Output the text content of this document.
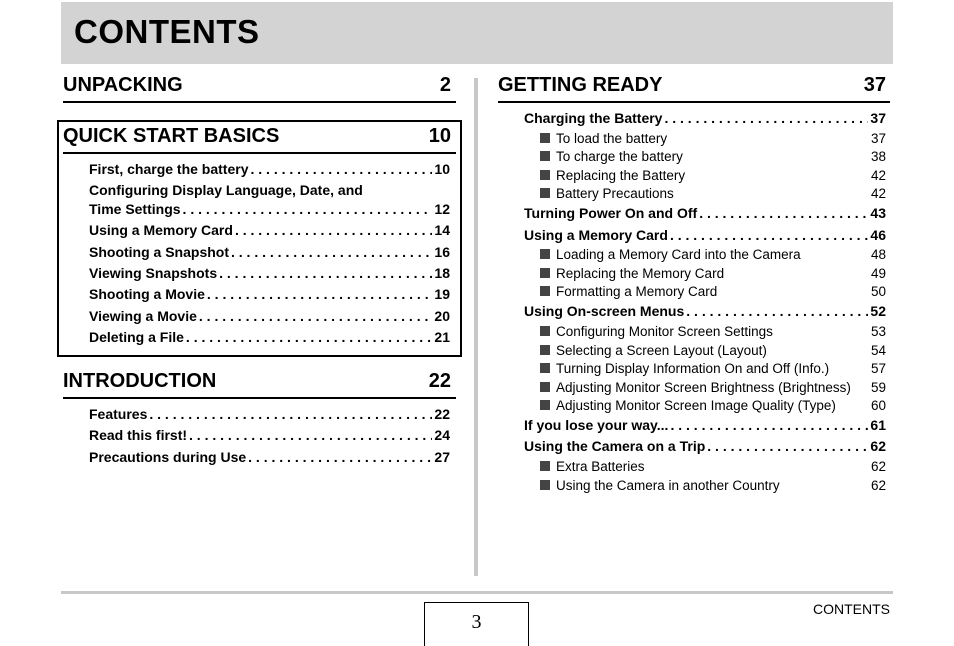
CONTENTS
UNPACKING	2
QUICK START BASICS	10
First, charge the battery . . .	10
Configuring Display Language, Date, and
Time Settings . . .	12
Using a Memory Card . . .	14
Shooting a Snapshot . . .	16
Viewing Snapshots . . .	18
Shooting a Movie . . .	19
Viewing a Movie . . .	20
Deleting a File . . .	21
INTRODUCTION	22
Features . . .	22
Read this first! . . .	24
Precautions during Use . . .	27
GETTING READY	37
Charging the Battery . . .	37
To load the battery	37
To charge the battery	38
Replacing the Battery	42
Battery Precautions	42
Turning Power On and Off . . .	43
Using a Memory Card . . .	46
Loading a Memory Card into the Camera	48
Replacing the Memory Card	49
Formatting a Memory Card	50
Using On-screen Menus . . .	52
Configuring Monitor Screen Settings	53
Selecting a Screen Layout (Layout)	54
Turning Display Information On and Off (Info.)	57
Adjusting Monitor Screen Brightness (Brightness)	59
Adjusting Monitor Screen Image Quality (Type)	60
If you lose your way... . . .	61
Using the Camera on a Trip . . .	62
Extra Batteries	62
Using the Camera in another Country	62
3
CONTENTS
